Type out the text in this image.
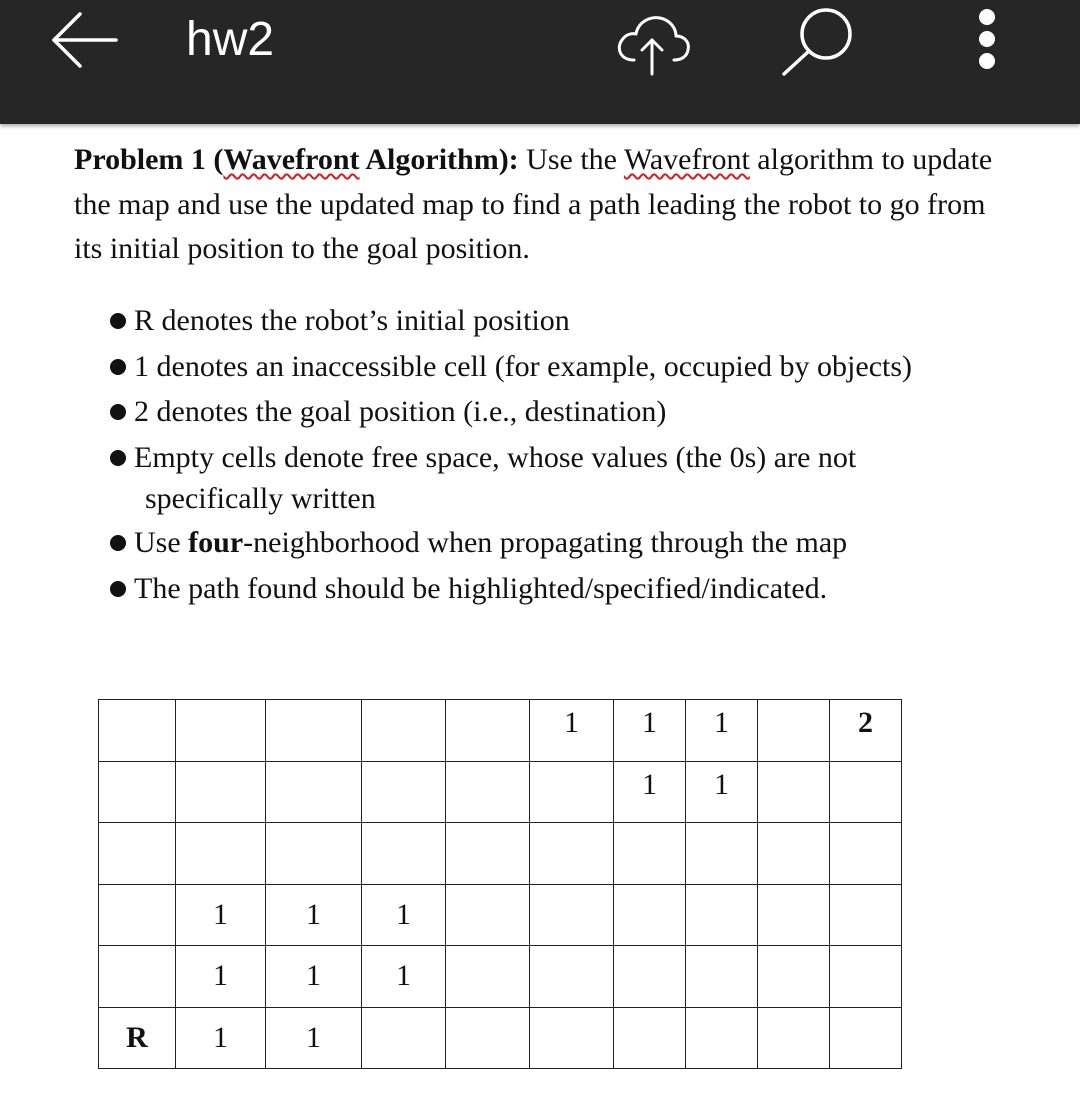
hw2
Problem 1 (Wavefront Algorithm): Use the Wavefront algorithm to update the map and use the updated map to find a path leading the robot to go from its initial position to the goal position.
R denotes the robot’s initial position
1 denotes an inaccessible cell (for example, occupied by objects)
2 denotes the goal position (i.e., destination)
Empty cells denote free space, whose values (the 0s) are not
specifically written
Use four-neighborhood when propagating through the map
The path found should be highlighted/specified/indicated.
					1	1	1		2
						1	1		

	1	1	1						
	1	1	1						
R	1	1							
